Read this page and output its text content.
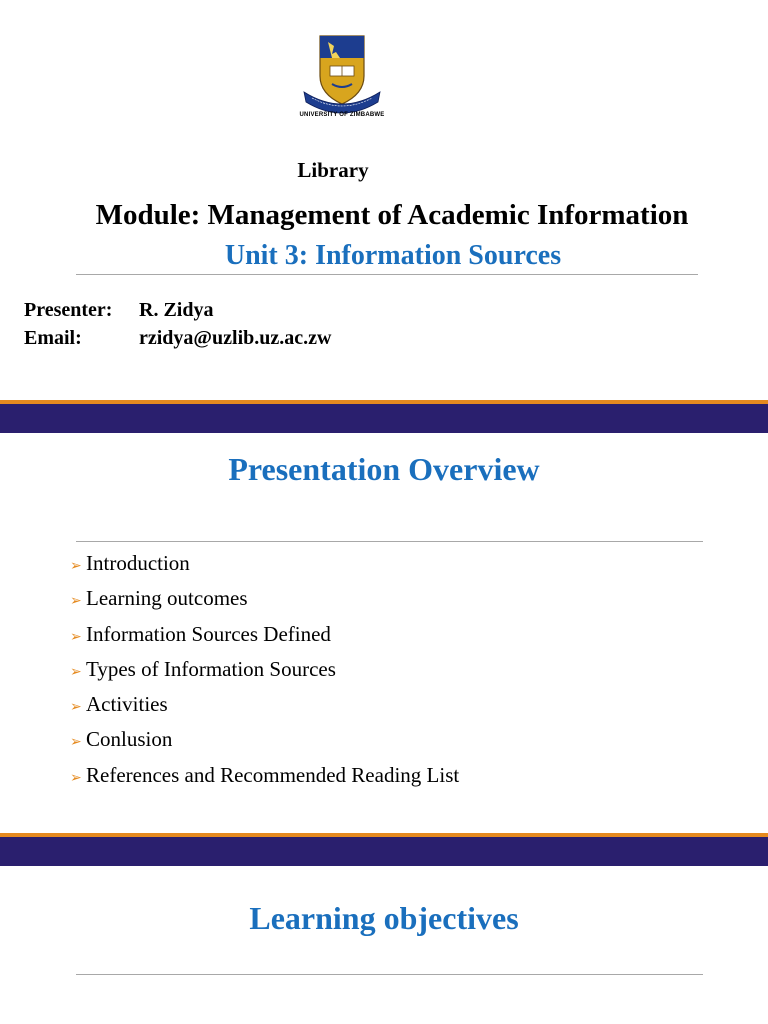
UNIVERSITY OF ZIMBABWE
Library
Module: Management of Academic Information
Unit 3: Information Sources
Presenter: R. Zidya
Email:	rzidya@uzlib.uz.ac.zw
Presentation Overview
➢ Introduction
➢ Learning outcomes
➢ Information Sources Defined
➢ Types of Information Sources
➢ Activities
➢ Conlusion
➢ References and Recommended Reading List
Learning objectives
